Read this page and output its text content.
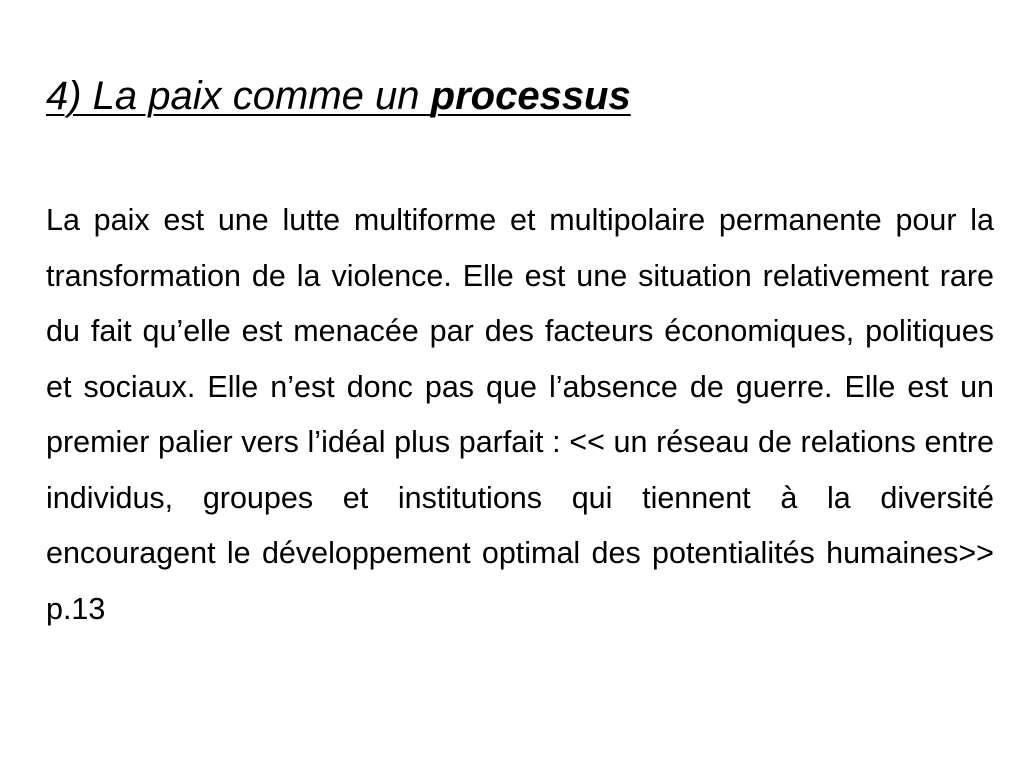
4) La paix comme un processus

La paix est une lutte multiforme et multipolaire permanente pour la transformation de la violence. Elle est une situation relativement rare du fait qu’elle est menacée par des facteurs économiques, politiques et sociaux. Elle n’est donc pas que l’absence de guerre. Elle est un premier palier vers l’idéal plus parfait : << un réseau de relations entre individus, groupes et institutions qui tiennent à la diversité encouragent le développement optimal des potentialités humaines>> p.13
